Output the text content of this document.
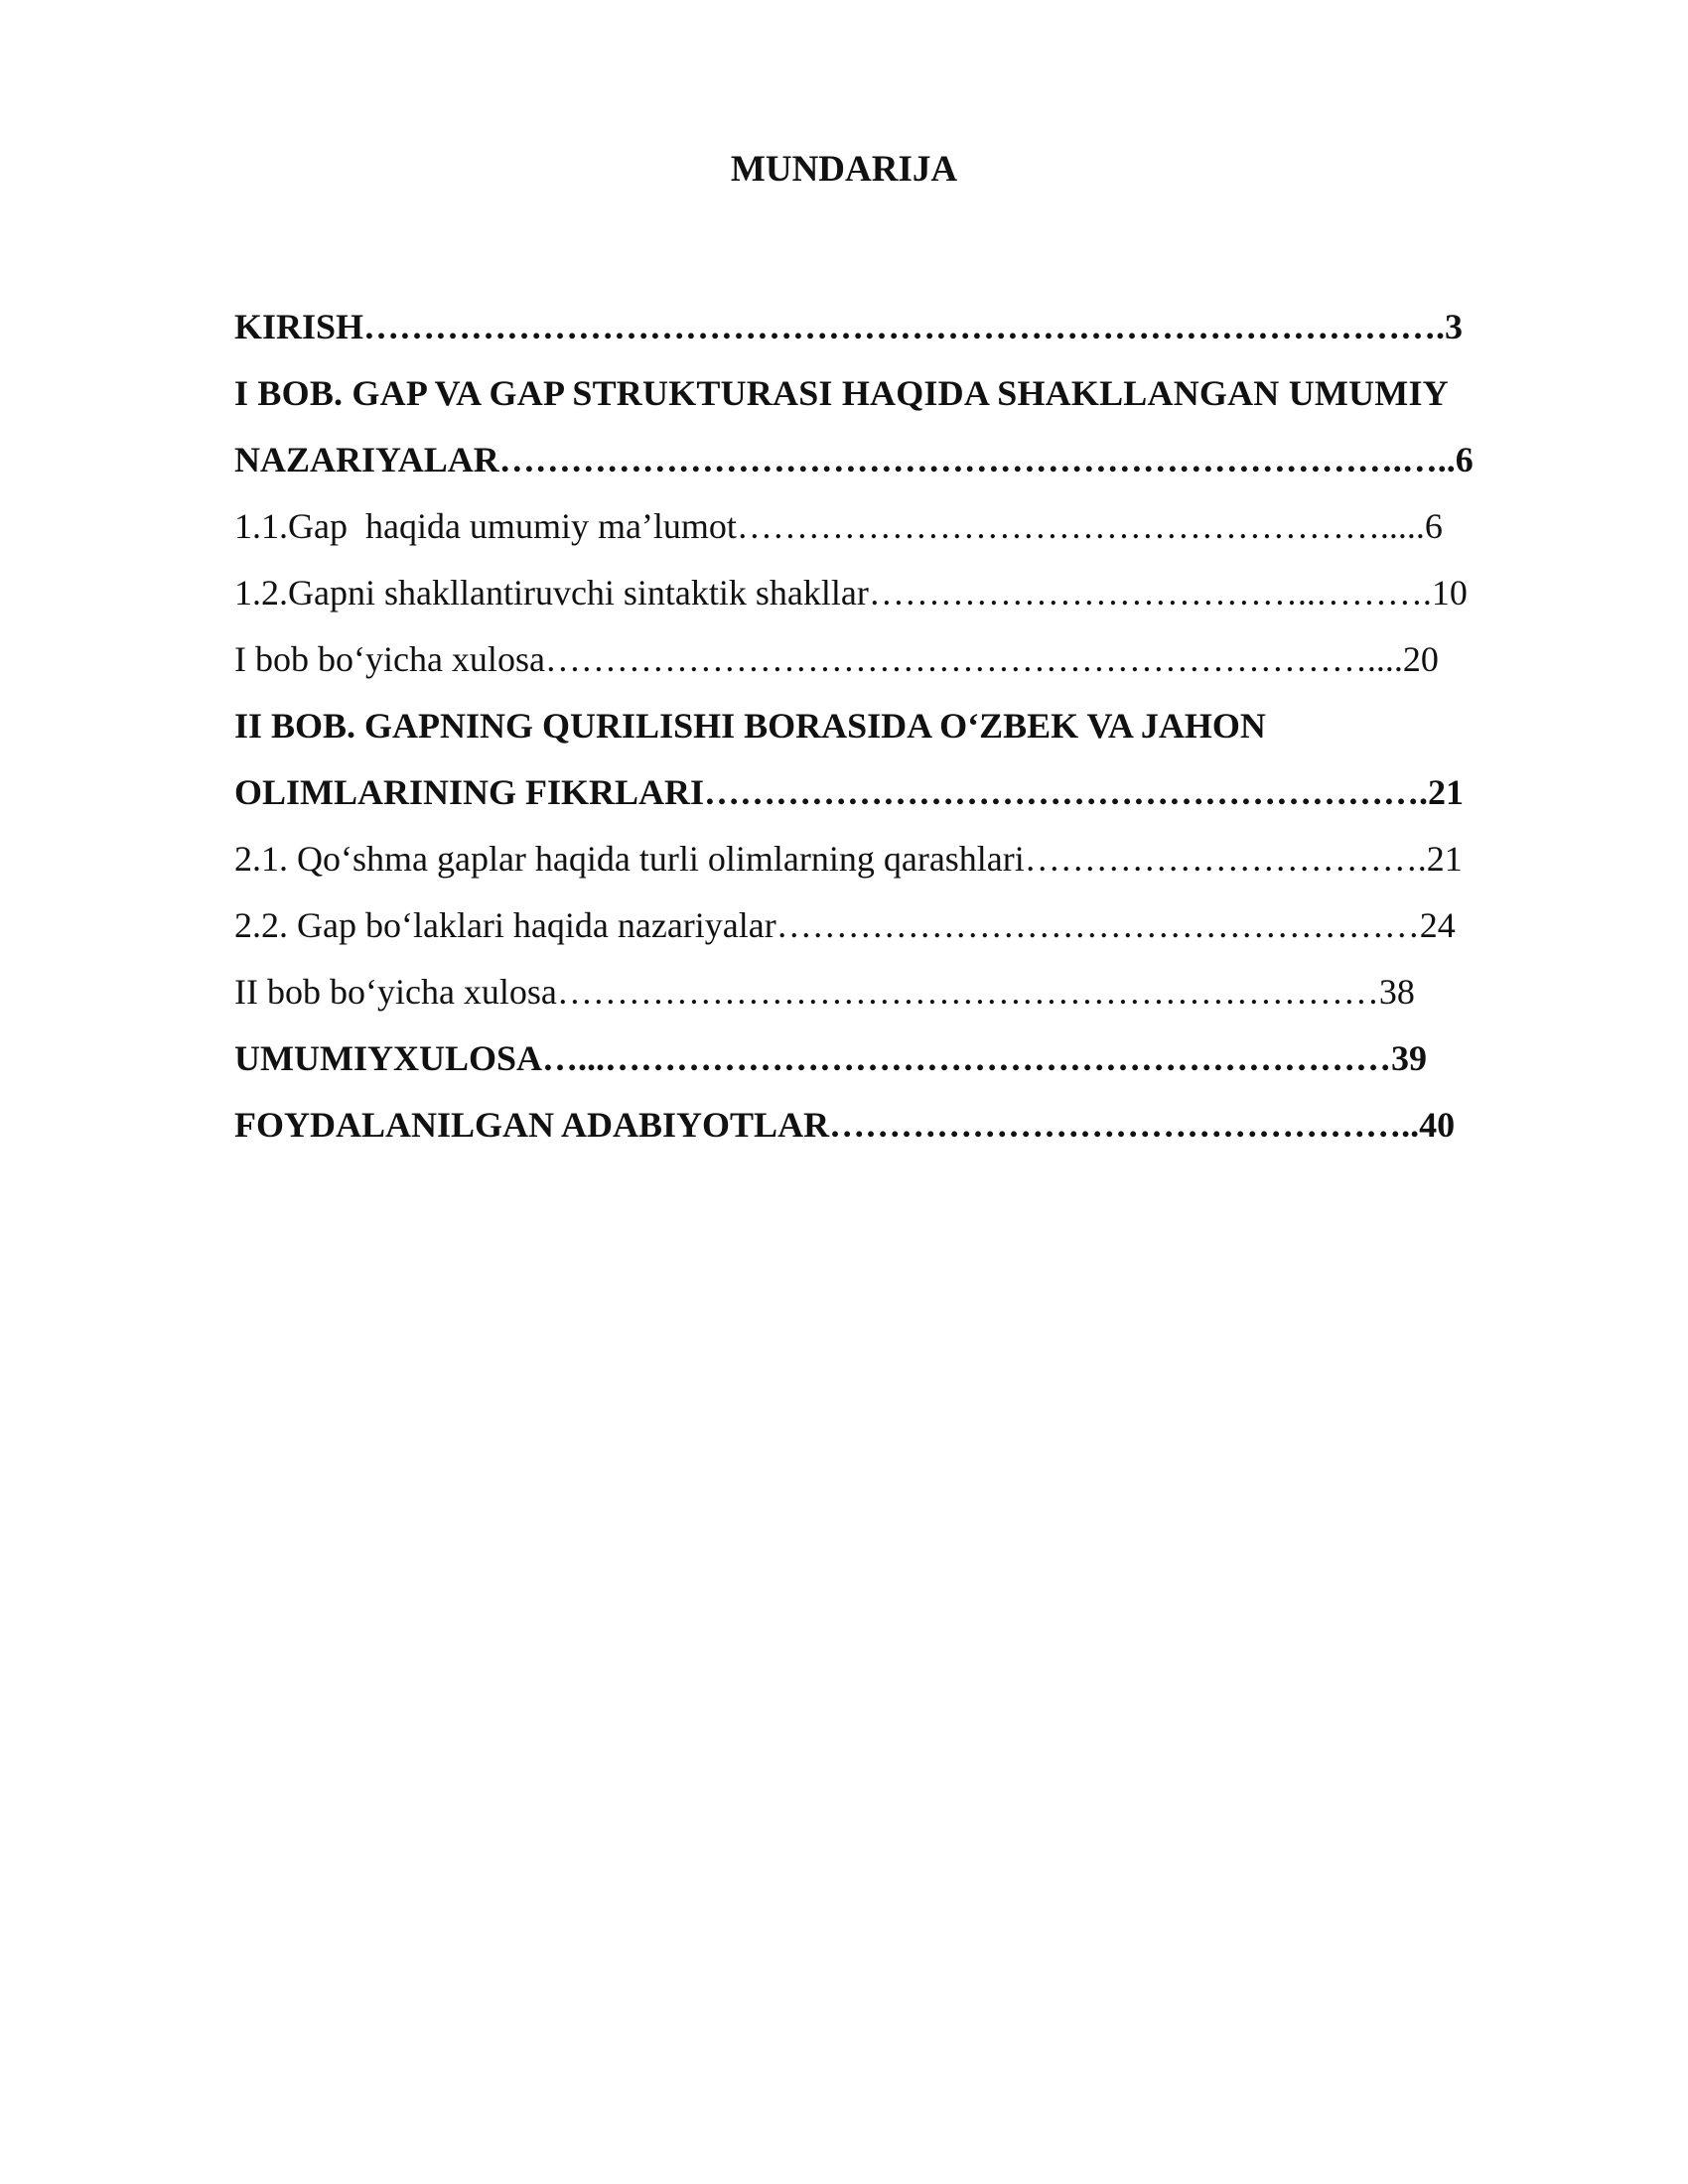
MUNDARIJA
KIRISH……………………………………………………………………………….3
I BOB. GAP VA GAP STRUKTURASI HAQIDA SHAKLLANGAN UMUMIY
NAZARIYALAR………………………………………………………………….…..6
1.1.Gap  haqida umumiy ma’lumot……………………………………………….....6
1.2.Gapni shakllantiruvchi sintaktik shakllar………………………………..……….10
I bob bo‘yicha xulosa……………………………………………………………....20
II BOB. GAPNING QURILISHI BORASIDA O‘ZBEK VA JAHON
OLIMLARINING FIKRLARI…………………………………………………….21
2.1. Qo‘shma gaplar haqida turli olimlarning qarashlari…………………………….21
2.2. Gap bo‘laklari haqida nazariyalar………………………………………………24
II bob bo‘yicha xulosa……………………………………………………………38
UMUMIYXULOSA…...…………………………………………………………39
FOYDALANILGAN ADABIYOTLAR…………………………………………..40
